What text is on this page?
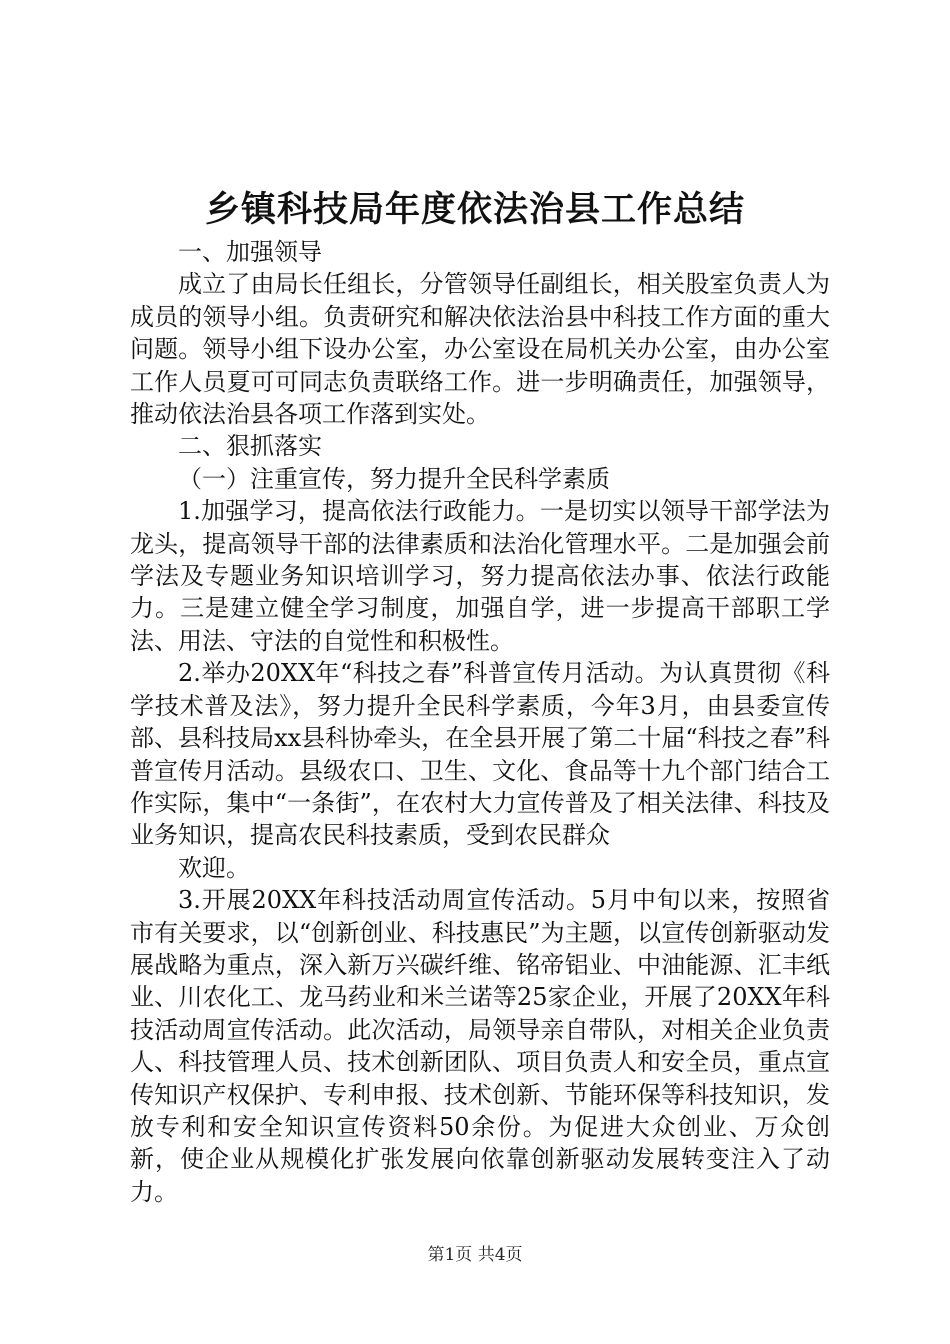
乡镇科技局年度依法治县工作总结

一、加强领导

成立了由局长任组长，分管领导任副组长，相关股室负责人为成员的领导小组。负责研究和解决依法治县中科技工作方面的重大问题。领导小组下设办公室，办公室设在局机关办公室，由办公室工作人员夏可可同志负责联络工作。进一步明确责任，加强领导，推动依法治县各项工作落到实处。

二、狠抓落实

（一）注重宣传，努力提升全民科学素质

1.加强学习，提高依法行政能力。一是切实以领导干部学法为龙头，提高领导干部的法律素质和法治化管理水平。二是加强会前学法及专题业务知识培训学习，努力提高依法办事、依法行政能力。三是建立健全学习制度，加强自学，进一步提高干部职工学法、用法、守法的自觉性和积极性。

2.举办20XX年“科技之春”科普宣传月活动。为认真贯彻《科学技术普及法》，努力提升全民科学素质，今年3月，由县委宣传部、县科技局xx县科协牵头，在全县开展了第二十届“科技之春”科普宣传月活动。县级农口、卫生、文化、食品等十九个部门结合工作实际，集中“一条街”，在农村大力宣传普及了相关法律、科技及业务知识，提高农民科技素质，受到农民群众

欢迎。

3.开展20XX年科技活动周宣传活动。5月中旬以来，按照省市有关要求，以“创新创业、科技惠民”为主题，以宣传创新驱动发展战略为重点，深入新万兴碳纤维、铭帝铝业、中油能源、汇丰纸业、川农化工、龙马药业和米兰诺等25家企业，开展了20XX年科技活动周宣传活动。此次活动，局领导亲自带队，对相关企业负责人、科技管理人员、技术创新团队、项目负责人和安全员，重点宣传知识产权保护、专利申报、技术创新、节能环保等科技知识，发放专利和安全知识宣传资料50余份。为促进大众创业、万众创新，使企业从规模化扩张发展向依靠创新驱动发展转变注入了动力。

第1页 共4页
